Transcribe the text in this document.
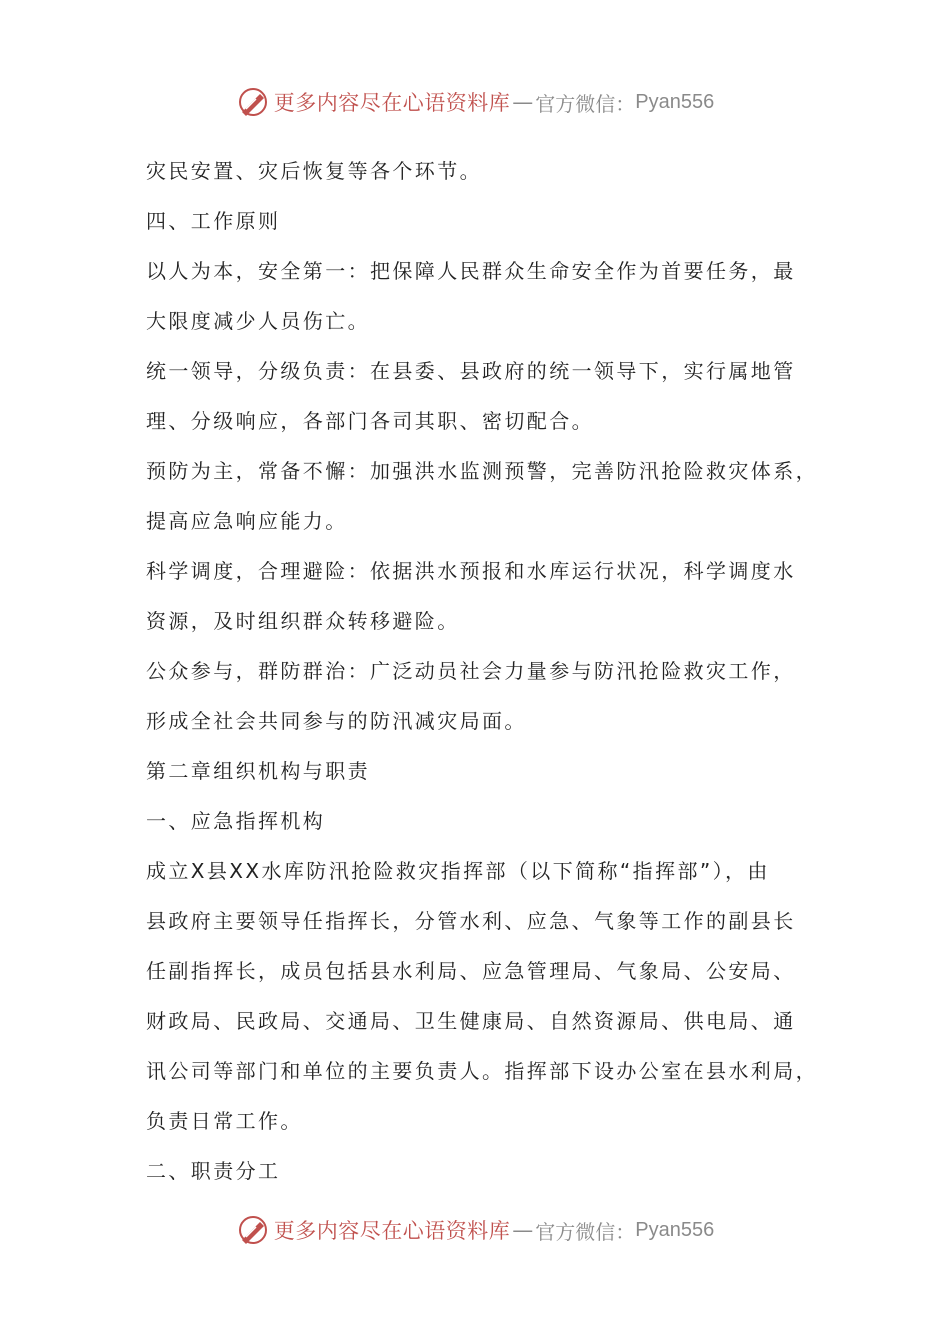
更多内容尽在心语资料库 — 官方微信： Pyan556
灾民安置、灾后恢复等各个环节。
四、工作原则
以人为本，安全第一：把保障人民群众生命安全作为首要任务，最
大限度减少人员伤亡。
统一领导，分级负责：在县委、县政府的统一领导下，实行属地管
理、分级响应，各部门各司其职、密切配合。
预防为主，常备不懈：加强洪水监测预警，完善防汛抢险救灾体系，
提高应急响应能力。
科学调度，合理避险：依据洪水预报和水库运行状况，科学调度水
资源，及时组织群众转移避险。
公众参与，群防群治：广泛动员社会力量参与防汛抢险救灾工作，
形成全社会共同参与的防汛减灾局面。
第二章组织机构与职责
一、应急指挥机构
成立X县XX水库防汛抢险救灾指挥部（以下简称“指挥部”），由
县政府主要领导任指挥长，分管水利、应急、气象等工作的副县长
任副指挥长，成员包括县水利局、应急管理局、气象局、公安局、
财政局、民政局、交通局、卫生健康局、自然资源局、供电局、通
讯公司等部门和单位的主要负责人。指挥部下设办公室在县水利局，
负责日常工作。
二、职责分工
更多内容尽在心语资料库 — 官方微信： Pyan556
